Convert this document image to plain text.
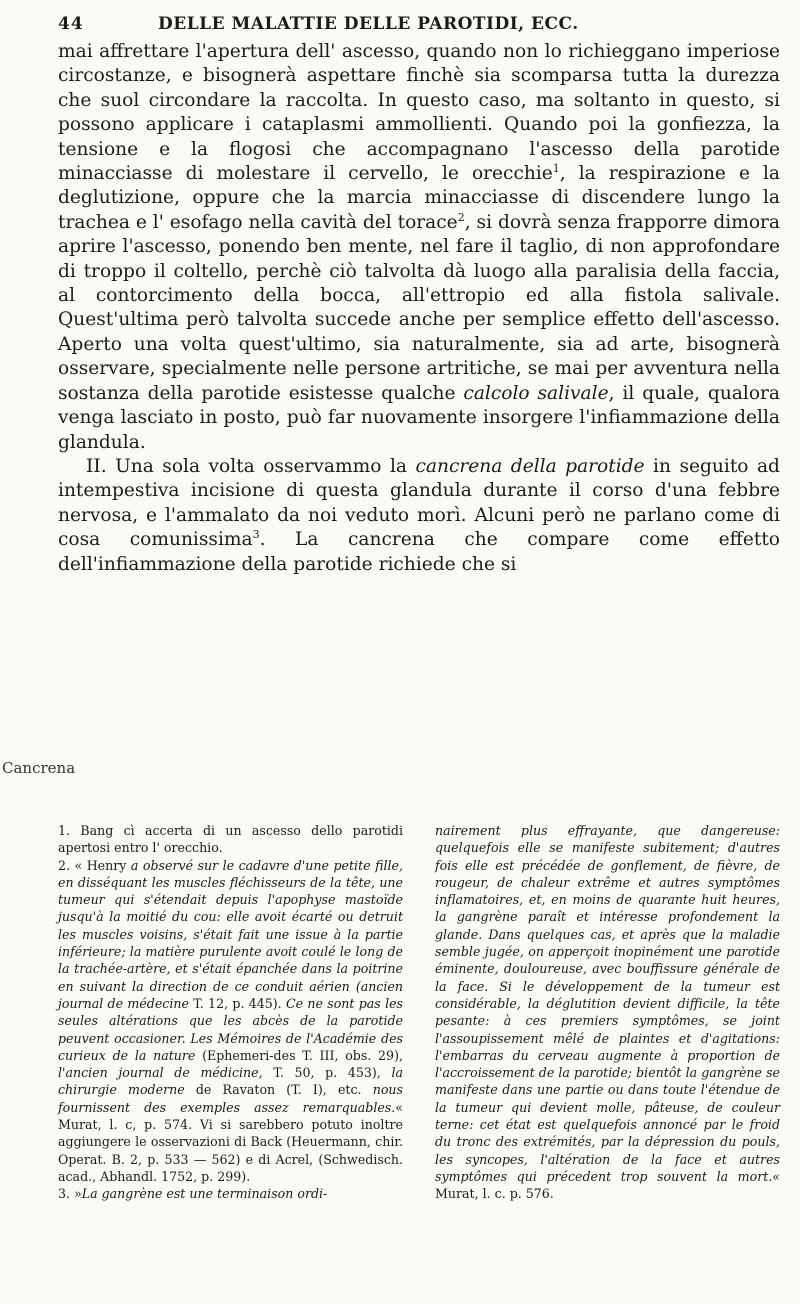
44	DELLE MALATTIE DELLE PAROTIDI, ECC.
Cancrena

mai affrettare l'apertura dell' ascesso, quando non lo richieggano imperiose circostanze, e bisognerà aspettare finchè sia scomparsa tutta la durezza che suol circondare la raccolta. In questo caso, ma soltanto in questo, si possono applicare i cataplasmi ammollienti. Quando poi la gonfiezza, la tensione e la flogosi che accompagnano l'ascesso della parotide minacciasse di molestare il cervello, le orecchie$^1$, la respirazione e la deglutizione, oppure che la marcia minacciasse di discendere lungo la trachea e l' esofago nella cavità del torace$^2$, si dovrà senza frapporre dimora aprire l'ascesso, ponendo ben mente, nel fare il taglio, di non approfondare di troppo il coltello, perchè ciò talvolta dà luogo alla paralisia della faccia, al contorcimento della bocca, all'ettropio ed alla fistola salivale. Quest'ultima però talvolta succede anche per semplice effetto dell'ascesso. Aperto una volta quest'ultimo, sia naturalmente, sia ad arte, bisognerà osservare, specialmente nelle persone artritiche, se mai per avventura nella sostanza della parotide esistesse qualche calcolo salivale, il quale, qualora venga lasciato in posto, può far nuovamente insorgere l'infiammazione della glandula.

II. Una sola volta osservammo la cancrena della parotide in seguito ad intempestiva incisione di questa glandula durante il corso d'una febbre nervosa, e l'ammalato da noi veduto morì. Alcuni però ne parlano come di cosa comunissima$^3$. La cancrena che compare come effetto dell'infiammazione della parotide richiede che si

1. Bang cì accerta di un ascesso dello parotidi apertosi entro l' orecchio.

2. « Henry a observé sur le cadavre d'une petite fille, en disséquant les muscles fléchisseurs de la tête, une tumeur qui s'étendait depuis l'apophyse mastoïde jusqu'à la moitié du cou: elle avoit écarté ou detruit les muscles voisins, s'était fait une issue à la partie inférieure; la matière purulente avoit coulé le long de la trachée-artère, et s'était épanchée dans la poitrine en suivant la direction de ce conduit aérien (ancien journal de médecine T. 12, p. 445). Ce ne sont pas les seules altérations que les abcès de la parotide peuvent occasioner. Les Mémoires de l'Académie des curieux de la nature (Ephemeri-des T. III, obs. 29), l'ancien journal de médicine, T. 50, p. 453), la chirurgie moderne de Ravaton (T. I), etc. nous fournissent des exemples assez remarquables.« Murat, l. c, p. 574. Vi si sarebbero potuto inoltre aggiungere le osservazioni di Back (Heuermann, chir. Operat. B. 2, p. 533 — 562) e di Acrel, (Schwedisch. acad., Abhandl. 1752, p. 299).

3. »La gangrène est une terminaison ordi-

nairement plus effrayante, que dangereuse: quelquefois elle se manifeste subitement; d'autres fois elle est précédée de gonflement, de fièvre, de rougeur, de chaleur extrême et autres symptômes inflamatoires, et, en moins de quarante huit heures, la gangrène paraît et intéresse profondement la glande. Dans quelques cas, et après que la maladie semble jugée, on apperçoit inopinément une parotide éminente, douloureuse, avec bouffissure générale de la face. Si le développement de la tumeur est considérable, la déglutition devient difficile, la tête pesante: à ces premiers symptômes, se joint l'assoupissement mêlé de plaintes et d'agitations: l'embarras du cerveau augmente à proportion de l'accroissement de la parotide; bientôt la gangrène se manifeste dans une partie ou dans toute l'étendue de la tumeur qui devient molle, pâteuse, de couleur terne: cet état est quelquefois annoncé par le froid du tronc des extrémités, par la dépression du pouls, les syncopes, l'altération de la face et autres symptômes qui précedent trop souvent la mort.« Murat, l. c. p. 576.
